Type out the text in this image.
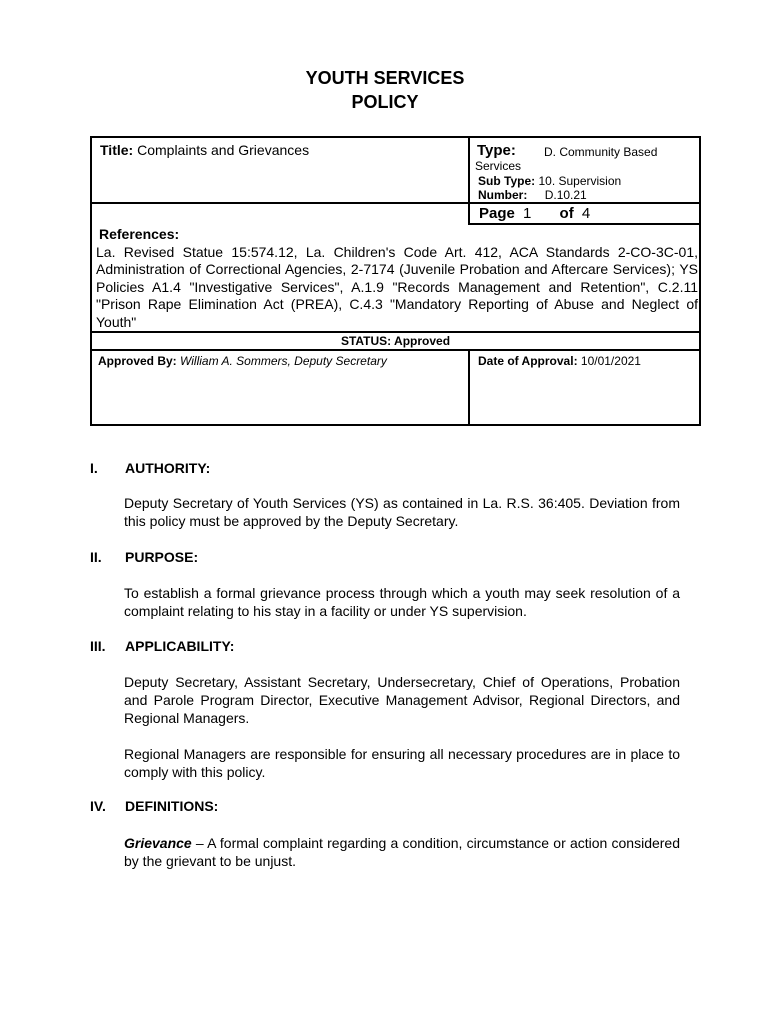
YOUTH SERVICES
POLICY
Title: Complaints and Grievances	Type: D. Community Based
Services
Sub Type: 10. Supervision
Number: D.10.21
Page 1 of 4
References:
La. Revised Statue 15:574.12, La. Children's Code Art. 412, ACA Standards 2-CO-3C-01, Administration of Correctional Agencies, 2-7174 (Juvenile Probation and Aftercare Services); YS Policies A1.4 "Investigative Services", A.1.9 "Records Management and Retention", C.2.11 "Prison Rape Elimination Act (PREA), C.4.3 "Mandatory Reporting of Abuse and Neglect of Youth"
STATUS: Approved
Approved By: William A. Sommers, Deputy Secretary	Date of Approval: 10/01/2021
I. AUTHORITY:
Deputy Secretary of Youth Services (YS) as contained in La. R.S. 36:405. Deviation from this policy must be approved by the Deputy Secretary.
II. PURPOSE:
To establish a formal grievance process through which a youth may seek resolution of a complaint relating to his stay in a facility or under YS supervision.
III. APPLICABILITY:
Deputy Secretary, Assistant Secretary, Undersecretary, Chief of Operations, Probation and Parole Program Director, Executive Management Advisor, Regional Directors, and Regional Managers.
Regional Managers are responsible for ensuring all necessary procedures are in place to comply with this policy.
IV. DEFINITIONS:
Grievance – A formal complaint regarding a condition, circumstance or action considered by the grievant to be unjust.
